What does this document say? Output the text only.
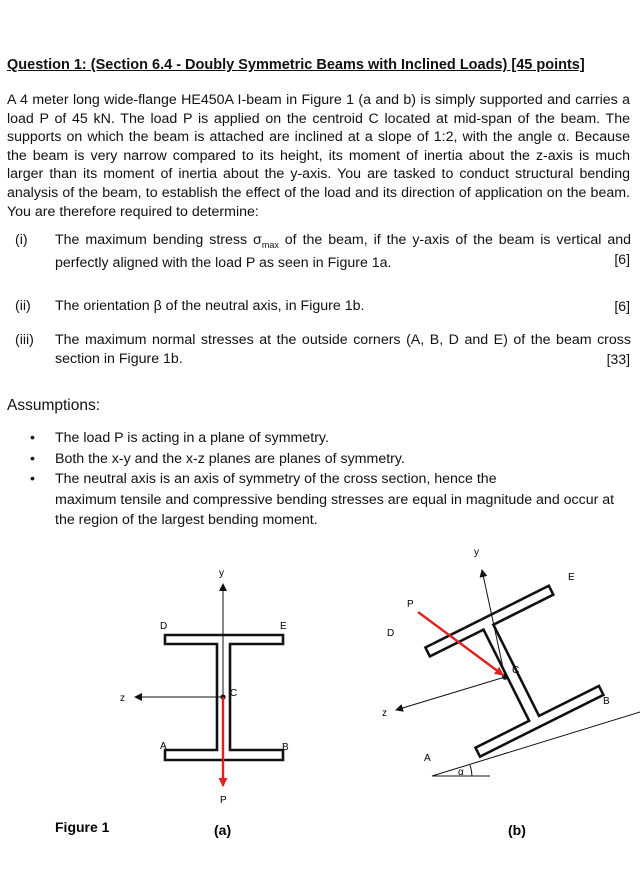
Question 1: (Section 6.4 - Doubly Symmetric Beams with Inclined Loads) [45 points]
A 4 meter long wide-flange HE450A I-beam in Figure 1 (a and b) is simply supported and carries a load P of 45 kN. The load P is applied on the centroid C located at mid-span of the beam. The supports on which the beam is attached are inclined at a slope of 1:2, with the angle α. Because the beam is very narrow compared to its height, its moment of inertia about the z-axis is much larger than its moment of inertia about the y-axis. You are tasked to conduct structural bending analysis of the beam, to establish the effect of the load and its direction of application on the beam. You are therefore required to determine:
(i) The maximum bending stress $\sigma_{max}$ of the beam, if the y-axis of the beam is vertical and perfectly aligned with the load P as seen in Figure 1a.	[6]
(ii) The orientation β of the neutral axis, in Figure 1b.	[6]
(iii) The maximum normal stresses at the outside corners (A, B, D and E) of the beam cross section in Figure 1b.	[33]
Assumptions:
• The load P is acting in a plane of symmetry.
• Both the x-y and the x-z planes are planes of symmetry.
• The neutral axis is an axis of symmetry of the cross section, hence the
maximum tensile and compressive bending stresses are equal in magnitude and occur at the region of the largest bending moment.
y
z	C
P
D	E
A	B
α
y
z
C
P
D
E
A
B
Figure 1	(a)	(b)
